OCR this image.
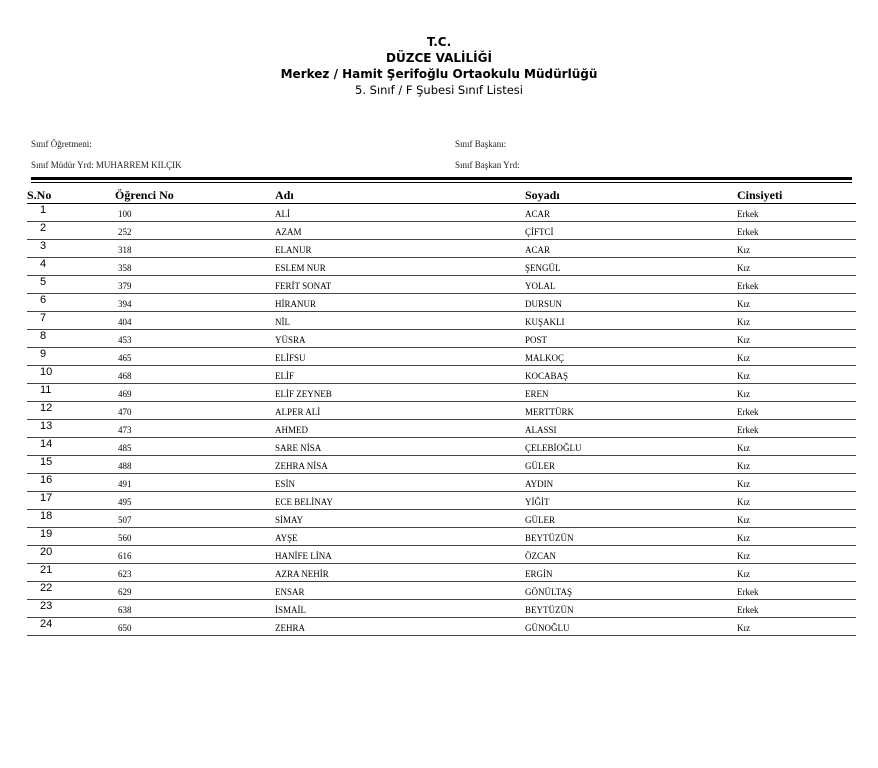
T.C.
DÜZCE VALİLİĞİ
Merkez / Hamit Şerifoğlu Ortaokulu Müdürlüğü
5. Sınıf / F Şubesi Sınıf Listesi
Sınıf Öğretmeni:
Sınıf Müdür Yrd: MUHARREM KILÇIK
Sınıf Başkanı:
Sınıf Başkan Yrd:
S.No	Öğrenci No	Adı	Soyadı	Cinsiyeti
1	100	ALİ	ACAR	Erkek
2	252	AZAM	ÇİFTCİ	Erkek
3	318	ELANUR	ACAR	Kız
4	358	ESLEM NUR	ŞENGÜL	Kız
5	379	FERİT SONAT	YOLAL	Erkek
6	394	HİRANUR	DURSUN	Kız
7	404	NİL	KUŞAKLI	Kız
8	453	YÜSRA	POST	Kız
9	465	ELİFSU	MALKOÇ	Kız
10	468	ELİF	KOCABAŞ	Kız
11	469	ELİF ZEYNEB	EREN	Kız
12	470	ALPER ALİ	MERTTÜRK	Erkek
13	473	AHMED	ALASSI	Erkek
14	485	SARE NİSA	ÇELEBİOĞLU	Kız
15	488	ZEHRA NİSA	GÜLER	Kız
16	491	ESİN	AYDIN	Kız
17	495	ECE BELİNAY	YİĞİT	Kız
18	507	SİMAY	GÜLER	Kız
19	560	AYŞE	BEYTÜZÜN	Kız
20	616	HANİFE LİNA	ÖZCAN	Kız
21	623	AZRA NEHİR	ERGİN	Kız
22	629	ENSAR	GÖNÜLTAŞ	Erkek
23	638	İSMAİL	BEYTÜZÜN	Erkek
24	650	ZEHRA	GÜNOĞLU	Kız
